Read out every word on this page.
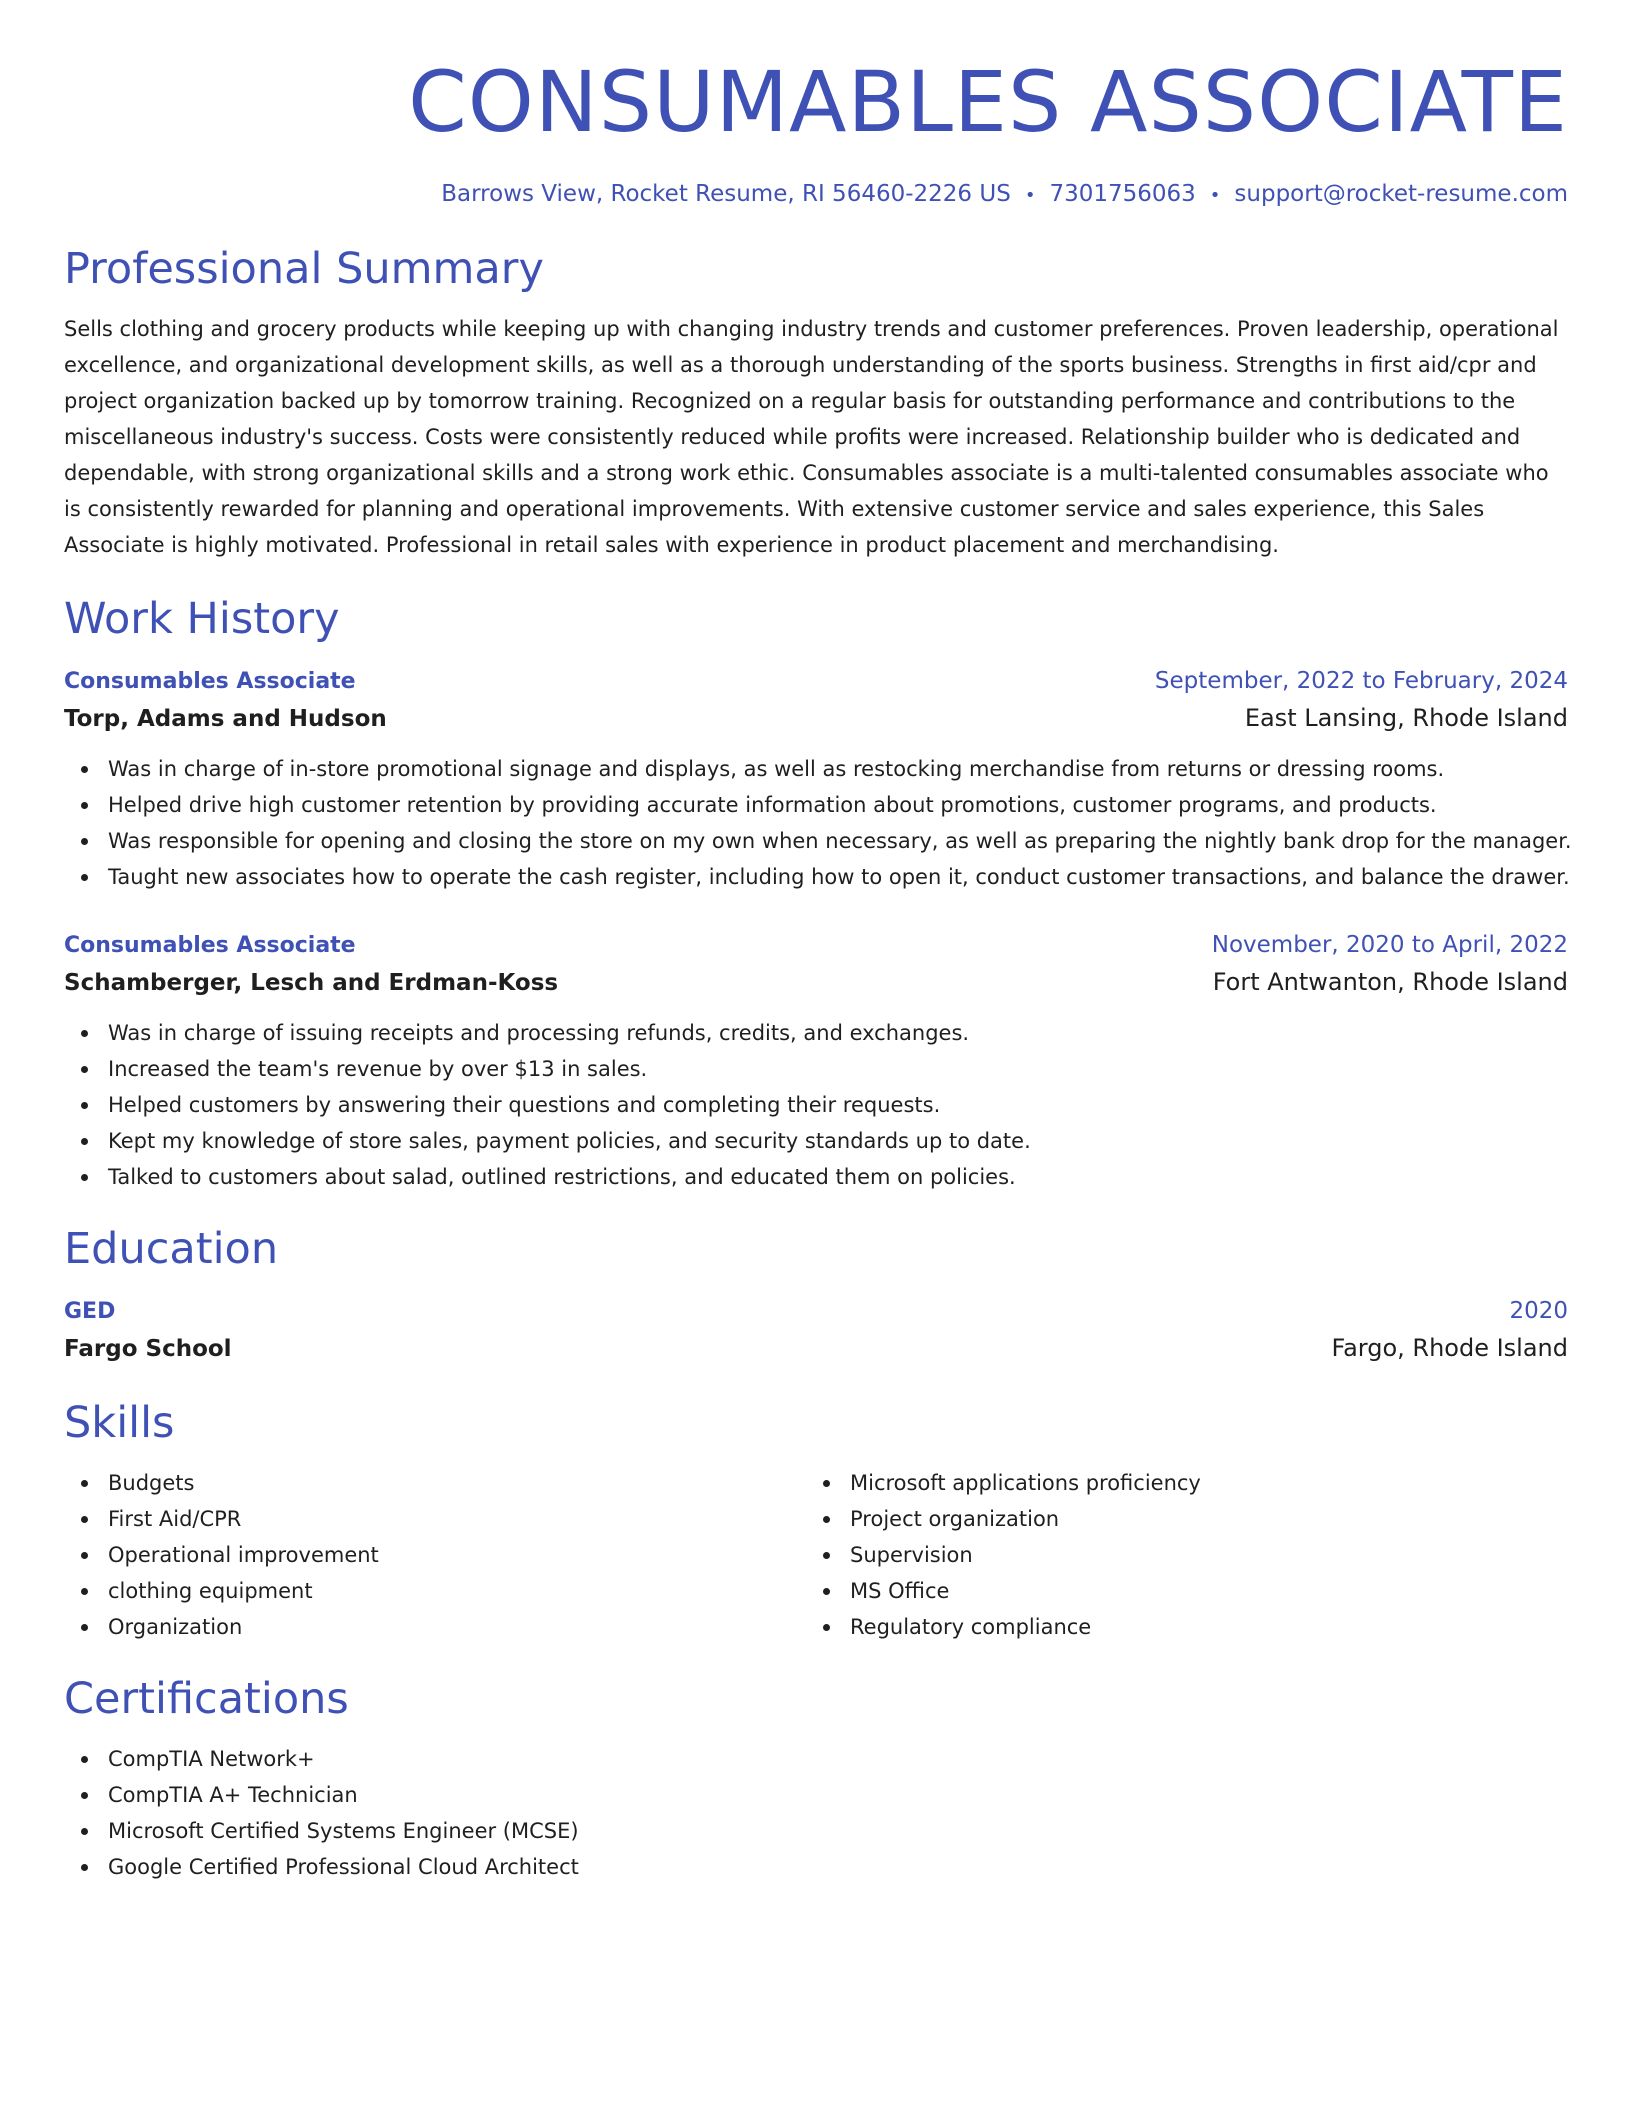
CONSUMABLES ASSOCIATE
Barrows View, Rocket Resume, RI 56460-2226 US • 7301756063 • support@rocket-resume.com
Professional Summary

Sells clothing and grocery products while keeping up with changing industry trends and customer preferences. Proven leadership, operational excellence, and organizational development skills, as well as a thorough understanding of the sports business. Strengths in first aid/cpr and project organization backed up by tomorrow training. Recognized on a regular basis for outstanding performance and contributions to the miscellaneous industry's success. Costs were consistently reduced while profits were increased. Relationship builder who is dedicated and dependable, with strong organizational skills and a strong work ethic. Consumables associate is a multi-talented consumables associate who is consistently rewarded for planning and operational improvements. With extensive customer service and sales experience, this Sales Associate is highly motivated. Professional in retail sales with experience in product placement and merchandising.

Work History
Consumables Associate	September, 2022 to February, 2024
Torp, Adams and Hudson	East Lansing, Rhode Island
Was in charge of in-store promotional signage and displays, as well as restocking merchandise from returns or dressing rooms.
Helped drive high customer retention by providing accurate information about promotions, customer programs, and products.
Was responsible for opening and closing the store on my own when necessary, as well as preparing the nightly bank drop for the manager.
Taught new associates how to operate the cash register, including how to open it, conduct customer transactions, and balance the drawer.
Consumables Associate	November, 2020 to April, 2022
Schamberger, Lesch and Erdman-Koss	Fort Antwanton, Rhode Island
Was in charge of issuing receipts and processing refunds, credits, and exchanges.
Increased the team's revenue by over $13 in sales.
Helped customers by answering their questions and completing their requests.
Kept my knowledge of store sales, payment policies, and security standards up to date.
Talked to customers about salad, outlined restrictions, and educated them on policies.
Education
GED	2020
Fargo School	Fargo, Rhode Island
Skills
Budgets
First Aid/CPR
Operational improvement
clothing equipment
Organization
Microsoft applications proficiency
Project organization
Supervision
MS Office
Regulatory compliance
Certifications
CompTIA Network+
CompTIA A+ Technician
Microsoft Certified Systems Engineer (MCSE)
Google Certified Professional Cloud Architect
